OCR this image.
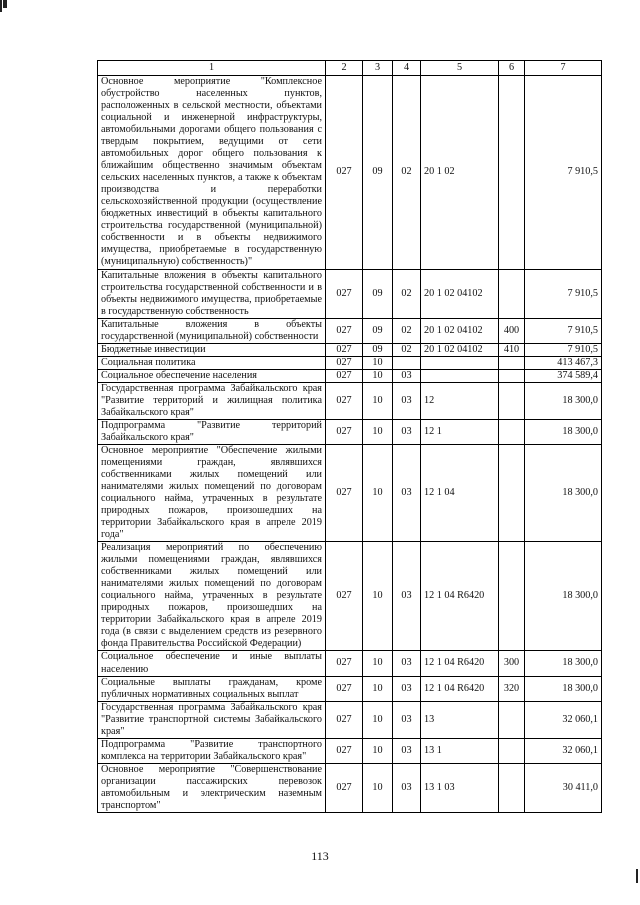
1	2	3	4	5	6	7
Основное мероприятие "Комплексное обустройство населенных пунктов, расположенных в сельской местности, объектами социальной и инженерной инфраструктуры, автомобильными дорогами общего пользования с твердым покрытием, ведущими от сети автомобильных дорог общего пользования к ближайшим общественно значимым объектам сельских населенных пунктов, а также к объектам производства и переработки сельскохозяйственной продукции (осуществление бюджетных инвестиций в объекты капитального строительства государственной (муниципальной) собственности и в объекты недвижимого имущества, приобретаемые в государственную (муниципальную) собственность)"	027	09	02	20 1 02		7 910,5
Капитальные вложения в объекты капитального строительства государственной собственности и в объекты недвижимого имущества, приобретаемые в государственную собственность	027	09	02	20 1 02 04102		7 910,5
Капитальные вложения в объекты государственной (муниципальной) собственности	027	09	02	20 1 02 04102	400	7 910,5
Бюджетные инвестиции	027	09	02	20 1 02 04102	410	7 910,5
Социальная политика	027	10				413 467,3
Социальное обеспечение населения	027	10	03			374 589,4
Государственная программа Забайкальского края "Развитие территорий и жилищная политика Забайкальского края"	027	10	03	12		18 300,0
Подпрограмма "Развитие территорий Забайкальского края"	027	10	03	12 1		18 300,0
Основное мероприятие "Обеспечение жилыми помещениями граждан, являвшихся собственниками жилых помещений или нанимателями жилых помещений по договорам социального найма, утраченных в результате природных пожаров, произошедших на территории Забайкальского края в апреле 2019 года"	027	10	03	12 1 04		18 300,0
Реализация мероприятий по обеспечению жилыми помещениями граждан, являвшихся собственниками жилых помещений или нанимателями жилых помещений по договорам социального найма, утраченных в результате природных пожаров, произошедших на территории Забайкальского края в апреле 2019 года (в связи с выделением средств из резервного фонда Правительства Российской Федерации)	027	10	03	12 1 04 R6420		18 300,0
Социальное обеспечение и иные выплаты населению	027	10	03	12 1 04 R6420	300	18 300,0
Социальные выплаты гражданам, кроме публичных нормативных социальных выплат	027	10	03	12 1 04 R6420	320	18 300,0
Государственная программа Забайкальского края "Развитие транспортной системы Забайкальского края"	027	10	03	13		32 060,1
Подпрограмма "Развитие транспортного комплекса на территории Забайкальского края"	027	10	03	13 1		32 060,1
Основное мероприятие "Совершенствование организации пассажирских перевозок автомобильным и электрическим наземным транспортом"	027	10	03	13 1 03		30 411,0
113
